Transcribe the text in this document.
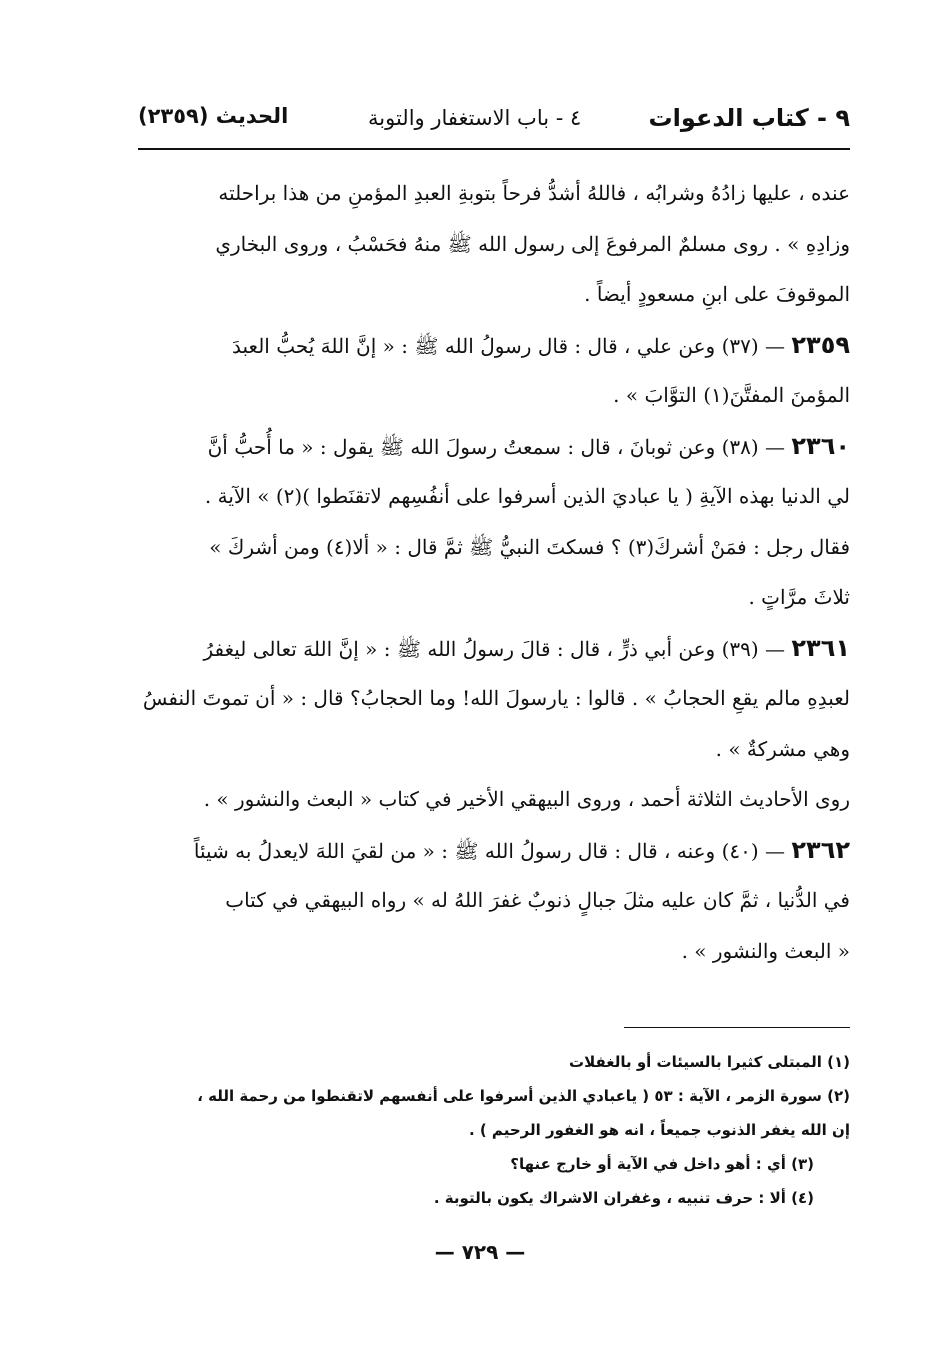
٩ - كتاب الدعوات
٤ - باب الاستغفار والتوبة
الحديث (٢٣٥٩)
عنده ، عليها زادُهُ وشرابُه ، فاللهُ أشدُّ فرحاً بتوبةِ العبدِ المؤمنِ من هذا براحلته
وزادِهِ » . روى مسلمٌ المرفوعَ إلى رسول الله ﷺ منهُ فحَسْبُ ، وروى البخاري
الموقوفَ على ابنِ مسعودٍ أيضاً .
٢٣٥٩ — (٣٧) وعن علي ، قال : قال رسولُ الله ﷺ : « إنَّ اللهَ يُحبُّ العبدَ
المؤمنَ المفتَّنَ(١) التوَّابَ » .
٢٣٦٠ — (٣٨) وعن ثوبانَ ، قال : سمعتُ رسولَ الله ﷺ يقول : « ما أُحبُّ أنَّ
لي الدنيا بهذه الآيةِ ( يا عباديَ الذين أسرفوا على أنفُسِهم لاتقنَطوا )(٢) » الآية .
فقال رجل : فمَنْ أشركَ(٣) ؟ فسكتَ النبيُّ ﷺ ثمَّ قال : « ألا(٤) ومن أشركَ »
ثلاثَ مرَّاتٍ .
٢٣٦١ — (٣٩) وعن أبي ذرٍّ ، قال : قالَ رسولُ الله ﷺ : « إنَّ اللهَ تعالى ليغفرُ
لعبدِهِ مالم يقعِ الحجابُ » . قالوا : يارسولَ الله! وما الحجابُ؟ قال : « أن تموتَ النفسُ
وهي مشركةٌ » .
روى الأحاديث الثلاثة أحمد ، وروى البيهقي الأخير في كتاب « البعث والنشور » .
٢٣٦٢ — (٤٠) وعنه ، قال : قال رسولُ الله ﷺ : « من لقيَ اللهَ لايعدلُ به شيئاً
في الدُّنيا ، ثمَّ كان عليه مثلَ جبالٍ ذنوبٌ غفرَ اللهُ له » رواه البيهقي في كتاب
« البعث والنشور » .
(١) المبتلى كثيرا بالسيئات أو بالغفلات
(٢) سورة الزمر ، الآية : ٥٣ ( ياعبادي الذين أسرفوا على أنفسهم لاتقنطوا من رحمة الله ،
إن الله يغفر الذنوب جميعاً ، انه هو الغفور الرحيم ) .
(٣) أي : أهو داخل في الآية أو خارج عنها؟
(٤) ألا : حرف تنبيه ، وغفران الاشراك يكون بالتوبة .
— ٧٢٩ —
